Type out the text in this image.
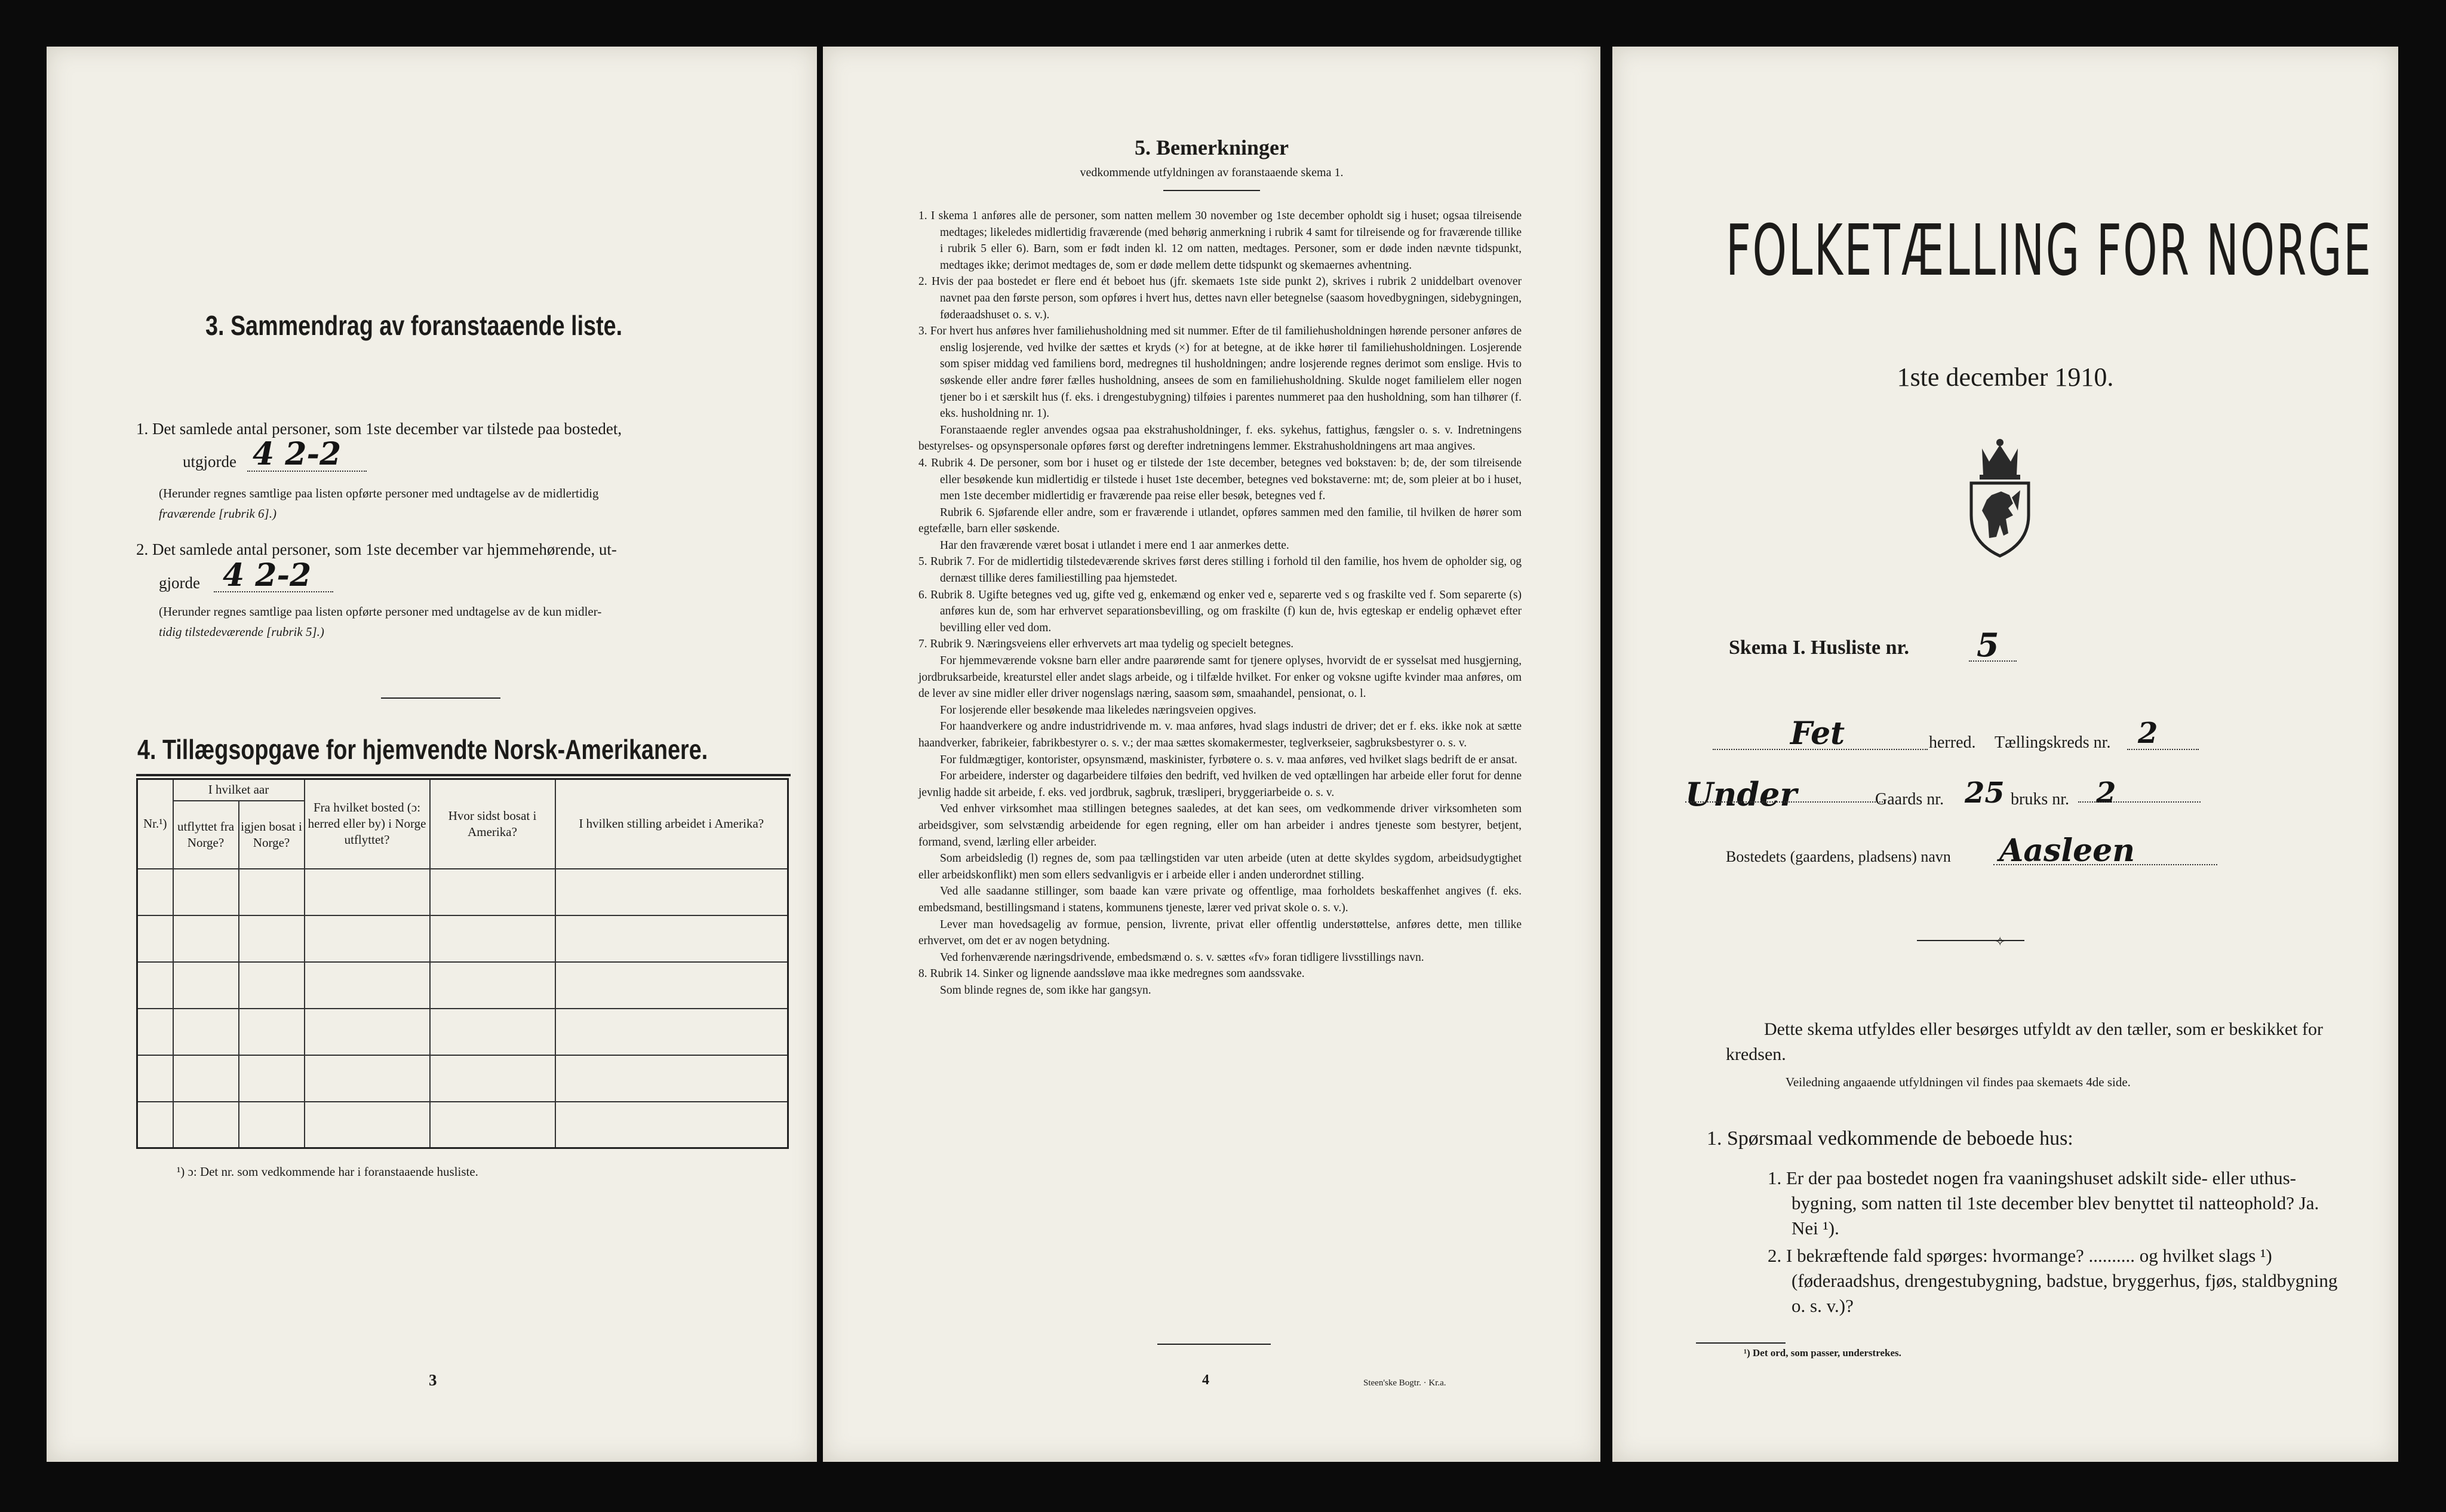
3. Sammendrag av foranstaaende liste.
1. Det samlede antal personer, som 1ste december var tilstede paa bostedet,
utgjorde 4 2-2
(Herunder regnes samtlige paa listen opførte personer med undtagelse av de midlertidig
fraværende [rubrik 6].)
2. Det samlede antal personer, som 1ste december var hjemmehørende, ut-
gjorde 4 2-2
(Herunder regnes samtlige paa listen opførte personer med undtagelse av de kun midler-
tidig tilstedeværende [rubrik 5].)
4. Tillægsopgave for hjemvendte Norsk-Amerikanere.
Nr.¹)	I hvilket aar		Fra hvilket bosted (ɔ: herred eller by) i Norge utflyttet?	Hvor sidst bosat i Amerika?	I hvilken stilling arbeidet i Amerika?
	utflyttet fra Norge?	igjen bosat i Norge?			

¹) ɔ: Det nr. som vedkommende har i foranstaaende husliste.
3
5. Bemerkninger
vedkommende utfyldningen av foranstaaende skema 1.

1. I skema 1 anføres alle de personer, som natten mellem 30 november og 1ste december opholdt sig i huset; ogsaa tilreisende medtages; likeledes midlertidig fraværende (med behørig anmerkning i rubrik 4 samt for tilreisende og for fraværende tillike i rubrik 5 eller 6). Barn, som er født inden kl. 12 om natten, medtages. Personer, som er døde inden nævnte tidspunkt, medtages ikke; derimot medtages de, som er døde mellem dette tidspunkt og skemaernes avhentning.

2. Hvis der paa bostedet er flere end ét beboet hus (jfr. skemaets 1ste side punkt 2), skrives i rubrik 2 uniddelbart ovenover navnet paa den første person, som opføres i hvert hus, dettes navn eller betegnelse (saasom hovedbygningen, sidebygningen, føderaadshuset o. s. v.).

3. For hvert hus anføres hver familiehusholdning med sit nummer. Efter de til familiehusholdningen hørende personer anføres de enslig losjerende, ved hvilke der sættes et kryds (×) for at betegne, at de ikke hører til familiehusholdningen. Losjerende som spiser middag ved familiens bord, medregnes til husholdningen; andre losjerende regnes derimot som enslige. Hvis to søskende eller andre fører fælles husholdning, ansees de som en familiehusholdning. Skulde noget familielem eller nogen tjener bo i et særskilt hus (f. eks. i drengestubygning) tilføies i parentes nummeret paa den husholdning, som han tilhører (f. eks. husholdning nr. 1).

Foranstaaende regler anvendes ogsaa paa ekstrahusholdninger, f. eks. sykehus, fattighus, fængsler o. s. v. Indretningens bestyrelses- og opsynspersonale opføres først og derefter indretningens lemmer. Ekstrahusholdningens art maa angives.

4. Rubrik 4. De personer, som bor i huset og er tilstede der 1ste december, betegnes ved bokstaven: b; de, der som tilreisende eller besøkende kun midlertidig er tilstede i huset 1ste december, betegnes ved bokstaverne: mt; de, som pleier at bo i huset, men 1ste december midlertidig er fraværende paa reise eller besøk, betegnes ved f.

Rubrik 6. Sjøfarende eller andre, som er fraværende i utlandet, opføres sammen med den familie, til hvilken de hører som egtefælle, barn eller søskende.

Har den fraværende været bosat i utlandet i mere end 1 aar anmerkes dette.

5. Rubrik 7. For de midlertidig tilstedeværende skrives først deres stilling i forhold til den familie, hos hvem de opholder sig, og dernæst tillike deres familiestilling paa hjemstedet.

6. Rubrik 8. Ugifte betegnes ved ug, gifte ved g, enkemænd og enker ved e, separerte ved s og fraskilte ved f. Som separerte (s) anføres kun de, som har erhvervet separationsbevilling, og om fraskilte (f) kun de, hvis egteskap er endelig ophævet efter bevilling eller ved dom.

7. Rubrik 9. Næringsveiens eller erhvervets art maa tydelig og specielt betegnes.

For hjemmeværende voksne barn eller andre paarørende samt for tjenere oplyses, hvorvidt de er sysselsat med husgjerning, jordbruksarbeide, kreaturstel eller andet slags arbeide, og i tilfælde hvilket. For enker og voksne ugifte kvinder maa anføres, om de lever av sine midler eller driver nogenslags næring, saasom søm, smaahandel, pensionat, o. l.

For losjerende eller besøkende maa likeledes næringsveien opgives.

For haandverkere og andre industridrivende m. v. maa anføres, hvad slags industri de driver; det er f. eks. ikke nok at sætte haandverker, fabrikeier, fabrikbestyrer o. s. v.; der maa sættes skomakermester, teglverkseier, sagbruksbestyrer o. s. v.

For fuldmægtiger, kontorister, opsynsmænd, maskinister, fyrbøtere o. s. v. maa anføres, ved hvilket slags bedrift de er ansat.

For arbeidere, inderster og dagarbeidere tilføies den bedrift, ved hvilken de ved optællingen har arbeide eller forut for denne jevnlig hadde sit arbeide, f. eks. ved jordbruk, sagbruk, træsliperi, bryggeriarbeide o. s. v.

Ved enhver virksomhet maa stillingen betegnes saaledes, at det kan sees, om vedkommende driver virksomheten som arbeidsgiver, som selvstændig arbeidende for egen regning, eller om han arbeider i andres tjeneste som bestyrer, betjent, formand, svend, lærling eller arbeider.

Som arbeidsledig (l) regnes de, som paa tællingstiden var uten arbeide (uten at dette skyldes sygdom, arbeidsudygtighet eller arbeidskonflikt) men som ellers sedvanligvis er i arbeide eller i anden underordnet stilling.

Ved alle saadanne stillinger, som baade kan være private og offentlige, maa forholdets beskaffenhet angives (f. eks. embedsmand, bestillingsmand i statens, kommunens tjeneste, lærer ved privat skole o. s. v.).

Lever man hovedsagelig av formue, pension, livrente, privat eller offentlig understøttelse, anføres dette, men tillike erhvervet, om det er av nogen betydning.

Ved forhenværende næringsdrivende, embedsmænd o. s. v. sættes «fv» foran tidligere livsstillings navn.

8. Rubrik 14. Sinker og lignende aandssløve maa ikke medregnes som aandssvake.

Som blinde regnes de, som ikke har gangsyn.

4	Steen'ske Bogtr. · Kr.a.
FOLKETÆLLING FOR NORGE
1ste december 1910.
Skema I. Husliste nr. 5
Fet	herred. Tællingskreds nr. 2
Under	Gaards nr. 25 bruks nr. 2
Bostedets (gaardens, pladsens) navn Aasleen
✧
Dette skema utfyldes eller besørges utfyldt av den tæller, som er beskikket for kredsen.
Veiledning angaaende utfyldningen vil findes paa skemaets 4de side.
1. Spørsmaal vedkommende de beboede hus:
1. Er der paa bostedet nogen fra vaaningshuset adskilt side- eller uthus-bygning, som natten til 1ste december blev benyttet til natteophold? Ja. Nei ¹).
2. I bekræftende fald spørges: hvormange? .......... og hvilket slags ¹) (føderaadshus, drengestubygning, badstue, bryggerhus, fjøs, staldbygning o. s. v.)?
¹) Det ord, som passer, understrekes.
